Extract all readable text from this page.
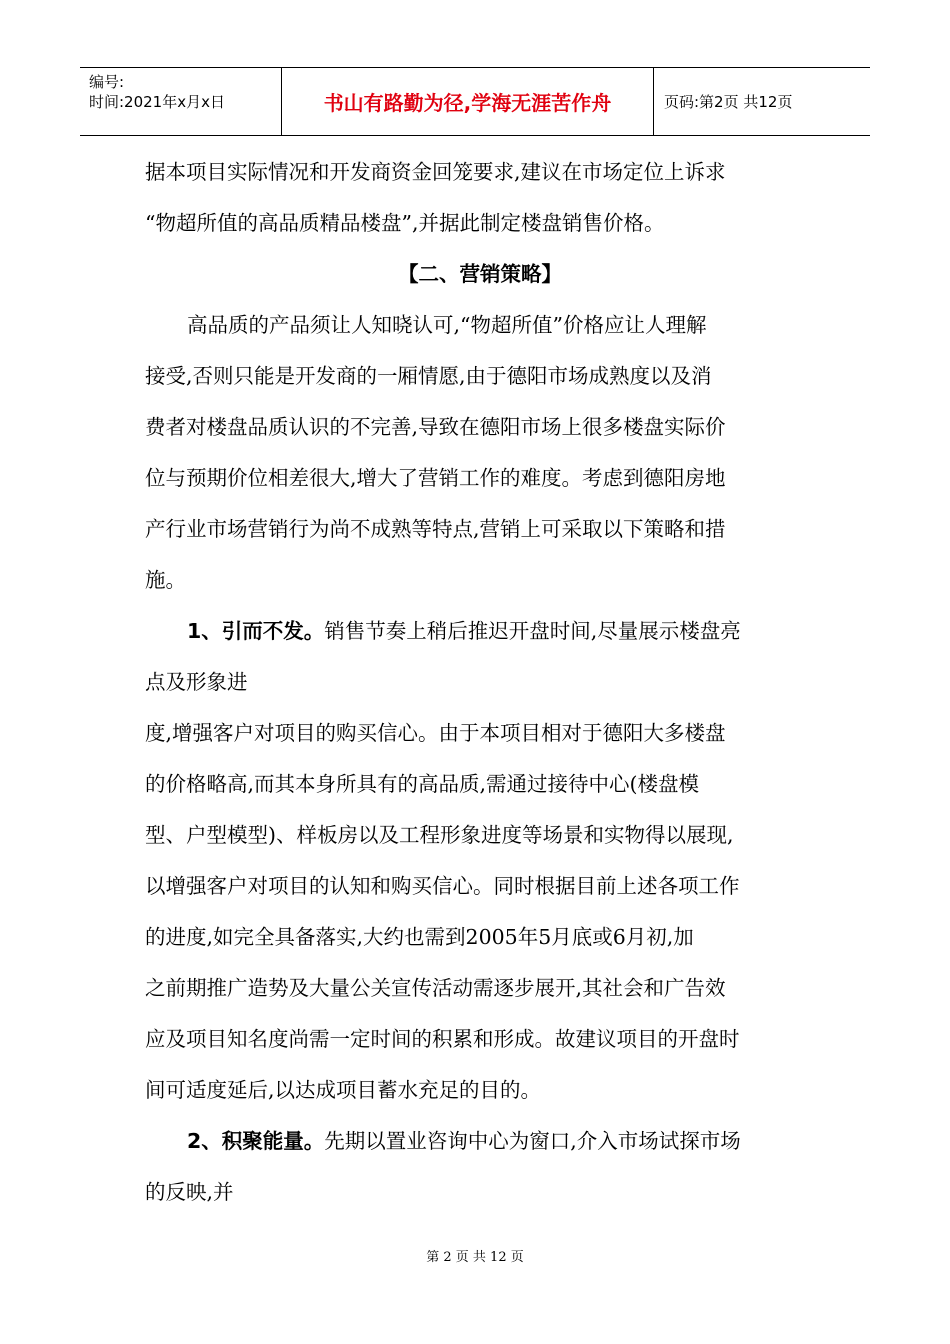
编号:
时间:2021年x月x日	书山有路勤为径,学海无涯苦作舟	页码:第2页 共12页
据本项目实际情况和开发商资金回笼要求,建议在市场定位上诉求
“物超所值的高品质精品楼盘”,并据此制定楼盘销售价格。
【二、营销策略】
高品质的产品须让人知晓认可,“物超所值”价格应让人理解
接受,否则只能是开发商的一厢情愿,由于德阳市场成熟度以及消
费者对楼盘品质认识的不完善,导致在德阳市场上很多楼盘实际价
位与预期价位相差很大,增大了营销工作的难度。考虑到德阳房地
产行业市场营销行为尚不成熟等特点,营销上可采取以下策略和措
施。
1、引而不发。销售节奏上稍后推迟开盘时间,尽量展示楼盘亮
点及形象进
度,增强客户对项目的购买信心。由于本项目相对于德阳大多楼盘
的价格略高,而其本身所具有的高品质,需通过接待中心(楼盘模
型、户型模型)、样板房以及工程形象进度等场景和实物得以展现,
以增强客户对项目的认知和购买信心。同时根据目前上述各项工作
的进度,如完全具备落实,大约也需到2005年5月底或6月初,加
之前期推广造势及大量公关宣传活动需逐步展开,其社会和广告效
应及项目知名度尚需一定时间的积累和形成。故建议项目的开盘时
间可适度延后,以达成项目蓄水充足的目的。
2、积聚能量。先期以置业咨询中心为窗口,介入市场试探市场
的反映,并
第 2 页 共 12 页
